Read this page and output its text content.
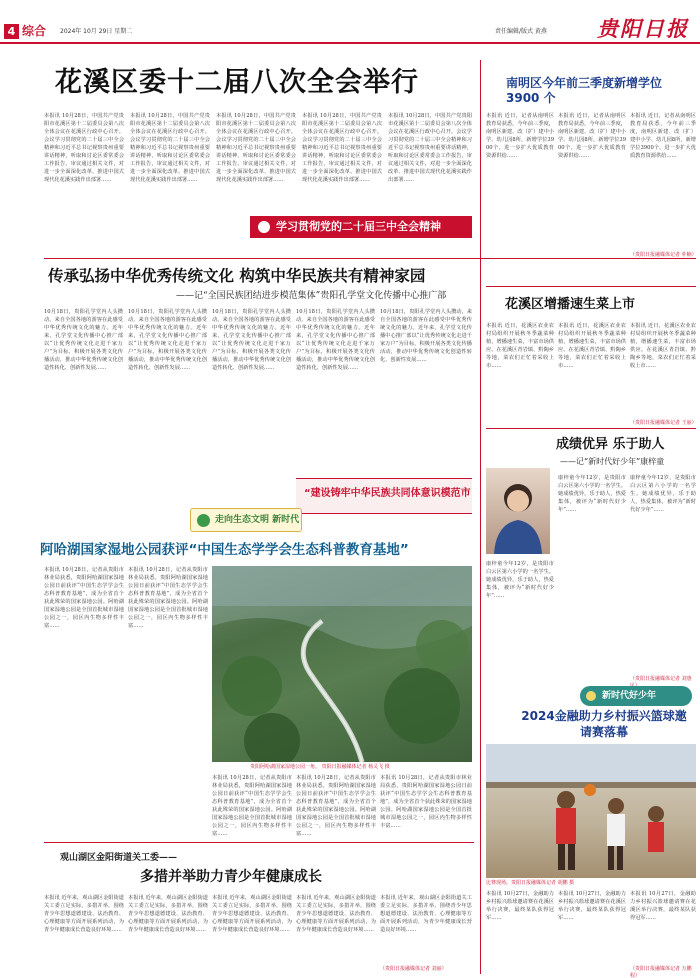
4 综合 2024年 10月 29日 星期二	责任编辑/版式 黄燕 贵阳日报
花溪区委十二届八次全会举行
本报讯 10月28日，中国共产党贵阳市花溪区第十二届委员会第八次全体会议在花溪区行政中心召开。会议学习贯彻党的二十届三中全会精神和习近平总书记视察贵州重要讲话精神，听取和讨论区委常委会工作报告，审议通过相关文件，对进一步全面深化改革、推进中国式现代化花溪实践作出部署……
本报讯 10月28日，中国共产党贵阳市花溪区第十二届委员会第八次全体会议在花溪区行政中心召开。会议学习贯彻党的二十届三中全会精神和习近平总书记视察贵州重要讲话精神，听取和讨论区委常委会工作报告，审议通过相关文件，对进一步全面深化改革、推进中国式现代化花溪实践作出部署……
本报讯 10月28日，中国共产党贵阳市花溪区第十二届委员会第八次全体会议在花溪区行政中心召开。会议学习贯彻党的二十届三中全会精神和习近平总书记视察贵州重要讲话精神，听取和讨论区委常委会工作报告，审议通过相关文件，对进一步全面深化改革、推进中国式现代化花溪实践作出部署……
本报讯 10月28日，中国共产党贵阳市花溪区第十二届委员会第八次全体会议在花溪区行政中心召开。会议学习贯彻党的二十届三中全会精神和习近平总书记视察贵州重要讲话精神，听取和讨论区委常委会工作报告，审议通过相关文件，对进一步全面深化改革、推进中国式现代化花溪实践作出部署……
本报讯 10月28日，中国共产党贵阳市花溪区第十二届委员会第八次全体会议在花溪区行政中心召开。会议学习贯彻党的二十届三中全会精神和习近平总书记视察贵州重要讲话精神，听取和讨论区委常委会工作报告，审议通过相关文件，对进一步全面深化改革、推进中国式现代化花溪实践作出部署……
学习贯彻党的二十届三中全会精神
南明区今年前三季度新增学位 3900 个
本报讯 近日，记者从南明区教育局获悉，今年前三季度，南明区新建、改（扩）建中小学、幼儿园8所，新增学位3900个，进一步扩大优质教育资源供给……
本报讯 近日，记者从南明区教育局获悉，今年前三季度，南明区新建、改（扩）建中小学、幼儿园8所，新增学位3900个，进一步扩大优质教育资源供给……
本报讯 近日，记者从南明区教育局获悉，今年前三季度，南明区新建、改（扩）建中小学、幼儿园8所，新增学位3900个，进一步扩大优质教育资源供给……
（贵阳日报融媒体记者 朴楠）
传承弘扬中华优秀传统文化 构筑中华民族共有精神家园
——记“全国民族团结进步模范集体”贵阳孔学堂文化传播中心推广部
10月18日，贵阳孔学堂内人头攒动，来自全国各地的游客在此感受中华优秀传统文化的魅力。近年来，孔学堂文化传播中心推广部以“让优秀传统文化走进千家万户”为目标，积极开展各类文化传播活动，推动中华优秀传统文化创造性转化、创新性发展……
10月18日，贵阳孔学堂内人头攒动，来自全国各地的游客在此感受中华优秀传统文化的魅力。近年来，孔学堂文化传播中心推广部以“让优秀传统文化走进千家万户”为目标，积极开展各类文化传播活动，推动中华优秀传统文化创造性转化、创新性发展……
10月18日，贵阳孔学堂内人头攒动，来自全国各地的游客在此感受中华优秀传统文化的魅力。近年来，孔学堂文化传播中心推广部以“让优秀传统文化走进千家万户”为目标，积极开展各类文化传播活动，推动中华优秀传统文化创造性转化、创新性发展……
10月18日，贵阳孔学堂内人头攒动，来自全国各地的游客在此感受中华优秀传统文化的魅力。近年来，孔学堂文化传播中心推广部以“让优秀传统文化走进千家万户”为目标，积极开展各类文化传播活动，推动中华优秀传统文化创造性转化、创新性发展……
10月18日，贵阳孔学堂内人头攒动，来自全国各地的游客在此感受中华优秀传统文化的魅力。近年来，孔学堂文化传播中心推广部以“让优秀传统文化走进千家万户”为目标，积极开展各类文化传播活动，推动中华优秀传统文化创造性转化、创新性发展……
“建设铸牢中华民族共同体意识模范市
花溪区增播速生菜上市
本报讯 近日，花溪区农业农村局组织开展秋冬季蔬菜种植，增播速生菜，丰富市场供应。在花溪区青岩镇、黔陶乡等地，菜农们正忙着采收上市……
本报讯 近日，花溪区农业农村局组织开展秋冬季蔬菜种植，增播速生菜，丰富市场供应。在花溪区青岩镇、黔陶乡等地，菜农们正忙着采收上市……
本报讯 近日，花溪区农业农村局组织开展秋冬季蔬菜种植，增播速生菜，丰富市场供应。在花溪区青岩镇、黔陶乡等地，菜农们正忙着采收上市……
（贵阳日报融媒体记者 王丽）
走向生态文明 新时代
阿哈湖国家湿地公园获评“中国生态学学会生态科普教育基地”
本报讯 10月28日，记者从贵阳市林业局获悉，贵阳阿哈湖国家湿地公园日前获评“中国生态学学会生态科普教育基地”，成为全省首个获此殊荣的国家湿地公园。阿哈湖国家湿地公园是全国首批城市湿地公园之一，园区内生物多样性丰富……
本报讯 10月28日，记者从贵阳市林业局获悉，贵阳阿哈湖国家湿地公园日前获评“中国生态学学会生态科普教育基地”，成为全省首个获此殊荣的国家湿地公园。阿哈湖国家湿地公园是全国首批城市湿地公园之一，园区内生物多样性丰富……
贵阳阿哈湖国家湿地公园一角。 贵阳日报融媒体记者 杨灵飞 摄
本报讯 10月28日，记者从贵阳市林业局获悉，贵阳阿哈湖国家湿地公园日前获评“中国生态学学会生态科普教育基地”，成为全省首个获此殊荣的国家湿地公园。阿哈湖国家湿地公园是全国首批城市湿地公园之一，园区内生物多样性丰富……
本报讯 10月28日，记者从贵阳市林业局获悉，贵阳阿哈湖国家湿地公园日前获评“中国生态学学会生态科普教育基地”，成为全省首个获此殊荣的国家湿地公园。阿哈湖国家湿地公园是全国首批城市湿地公园之一，园区内生物多样性丰富……
本报讯 10月28日，记者从贵阳市林业局获悉，贵阳阿哈湖国家湿地公园日前获评“中国生态学学会生态科普教育基地”，成为全省首个获此殊荣的国家湿地公园。阿哈湖国家湿地公园是全国首批城市湿地公园之一，园区内生物多样性丰富……
成绩优异 乐于助人
——记“新时代好少年”康梓童
康梓童今年12岁，是贵阳市白云区第六小学的一名学生。她成绩优异，乐于助人，热爱集体，被评为“新时代好少年”……
康梓童今年12岁，是贵阳市白云区第六小学的一名学生。她成绩优异，乐于助人，热爱集体，被评为“新时代好少年”……
康梓童今年12岁，是贵阳市白云区第六小学的一名学生。她成绩优异，乐于助人，热爱集体，被评为“新时代好少年”……
（贵阳日报融媒体记者 刘惠
新时代好少年
2024金融助力乡村振兴篮球邀请赛落幕
比赛现场。贵阳日报融媒体记者 胡鹏 摄
本报讯 10月27日，金融助力乡村振兴篮球邀请赛在花溪区举行决赛，最终某队获得冠军……
本报讯 10月27日，金融助力乡村振兴篮球邀请赛在花溪区举行决赛，最终某队获得冠军……
本报讯 10月27日，金融助力乡村振兴篮球邀请赛在花溪区举行决赛，最终某队获得冠军……
（贵阳日报融媒体记者 万鹏程）
观山湖区金阳街道关工委——
多措并举助力青少年健康成长
本报讯 近年来，观山湖区金阳街道关工委立足实际，多措并举，围绕青少年思想道德建设、法治教育、心理健康等方面开展系列活动，为青少年健康成长营造良好环境……
本报讯 近年来，观山湖区金阳街道关工委立足实际，多措并举，围绕青少年思想道德建设、法治教育、心理健康等方面开展系列活动，为青少年健康成长营造良好环境……
本报讯 近年来，观山湖区金阳街道关工委立足实际，多措并举，围绕青少年思想道德建设、法治教育、心理健康等方面开展系列活动，为青少年健康成长营造良好环境……
本报讯 近年来，观山湖区金阳街道关工委立足实际，多措并举，围绕青少年思想道德建设、法治教育、心理健康等方面开展系列活动，为青少年健康成长营造良好环境……
本报讯 近年来，观山湖区金阳街道关工委立足实际，多措并举，围绕青少年思想道德建设、法治教育、心理健康等方面开展系列活动，为青少年健康成长营造良好环境……
（贵阳日报融媒体记者 刘丽）
